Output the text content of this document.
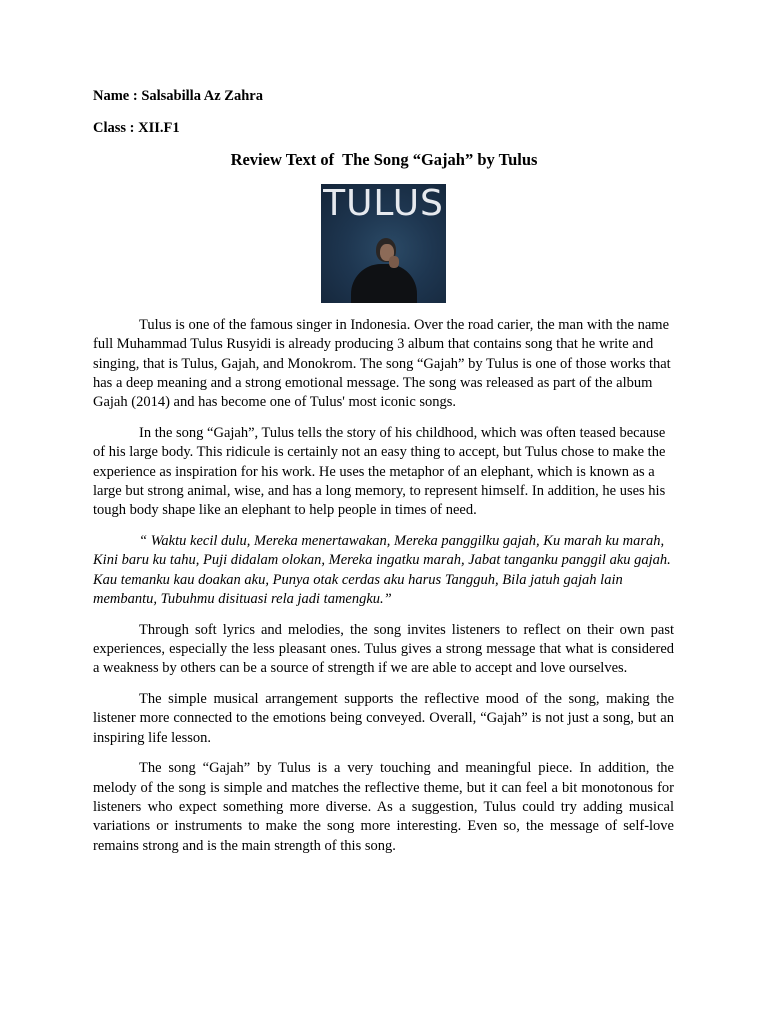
Name : Salsabilla Az Zahra
Class : XII.F1
Review Text of  The Song “Gajah” by Tulus
TULUS

Tulus is one of the famous singer in Indonesia. Over the road carier, the man with the name full Muhammad Tulus Rusyidi is already producing 3 album that contains song that he write and singing, that is Tulus, Gajah, and Monokrom. The song “Gajah” by Tulus is one of those works that has a deep meaning and a strong emotional message. The song was released as part of the album Gajah (2014) and has become one of Tulus' most iconic songs.

In the song “Gajah”, Tulus tells the story of his childhood, which was often teased because of his large body. This ridicule is certainly not an easy thing to accept, but Tulus chose to make the experience as inspiration for his work. He uses the metaphor of an elephant, which is known as a large but strong animal, wise, and has a long memory, to represent himself. In addition, he uses his tough body shape like an elephant to help people in times of need.

“ Waktu kecil dulu, Mereka menertawakan, Mereka panggilku gajah, Ku marah ku marah, Kini baru ku tahu, Puji didalam olokan, Mereka ingatku marah, Jabat tanganku panggil aku gajah. Kau temanku kau doakan aku, Punya otak cerdas aku harus Tangguh, Bila jatuh gajah lain membantu, Tubuhmu disituasi rela jadi tamengku.”

Through soft lyrics and melodies, the song invites listeners to reflect on their own past experiences, especially the less pleasant ones. Tulus gives a strong message that what is considered a weakness by others can be a source of strength if we are able to accept and love ourselves.

The simple musical arrangement supports the reflective mood of the song, making the listener more connected to the emotions being conveyed. Overall, “Gajah” is not just a song, but an inspiring life lesson.

The song “Gajah” by Tulus is a very touching and meaningful piece. In addition, the melody of the song is simple and matches the reflective theme, but it can feel a bit monotonous for listeners who expect something more diverse. As a suggestion, Tulus could try adding musical variations or instruments to make the song more interesting. Even so, the message of self-love remains strong and is the main strength of this song.
